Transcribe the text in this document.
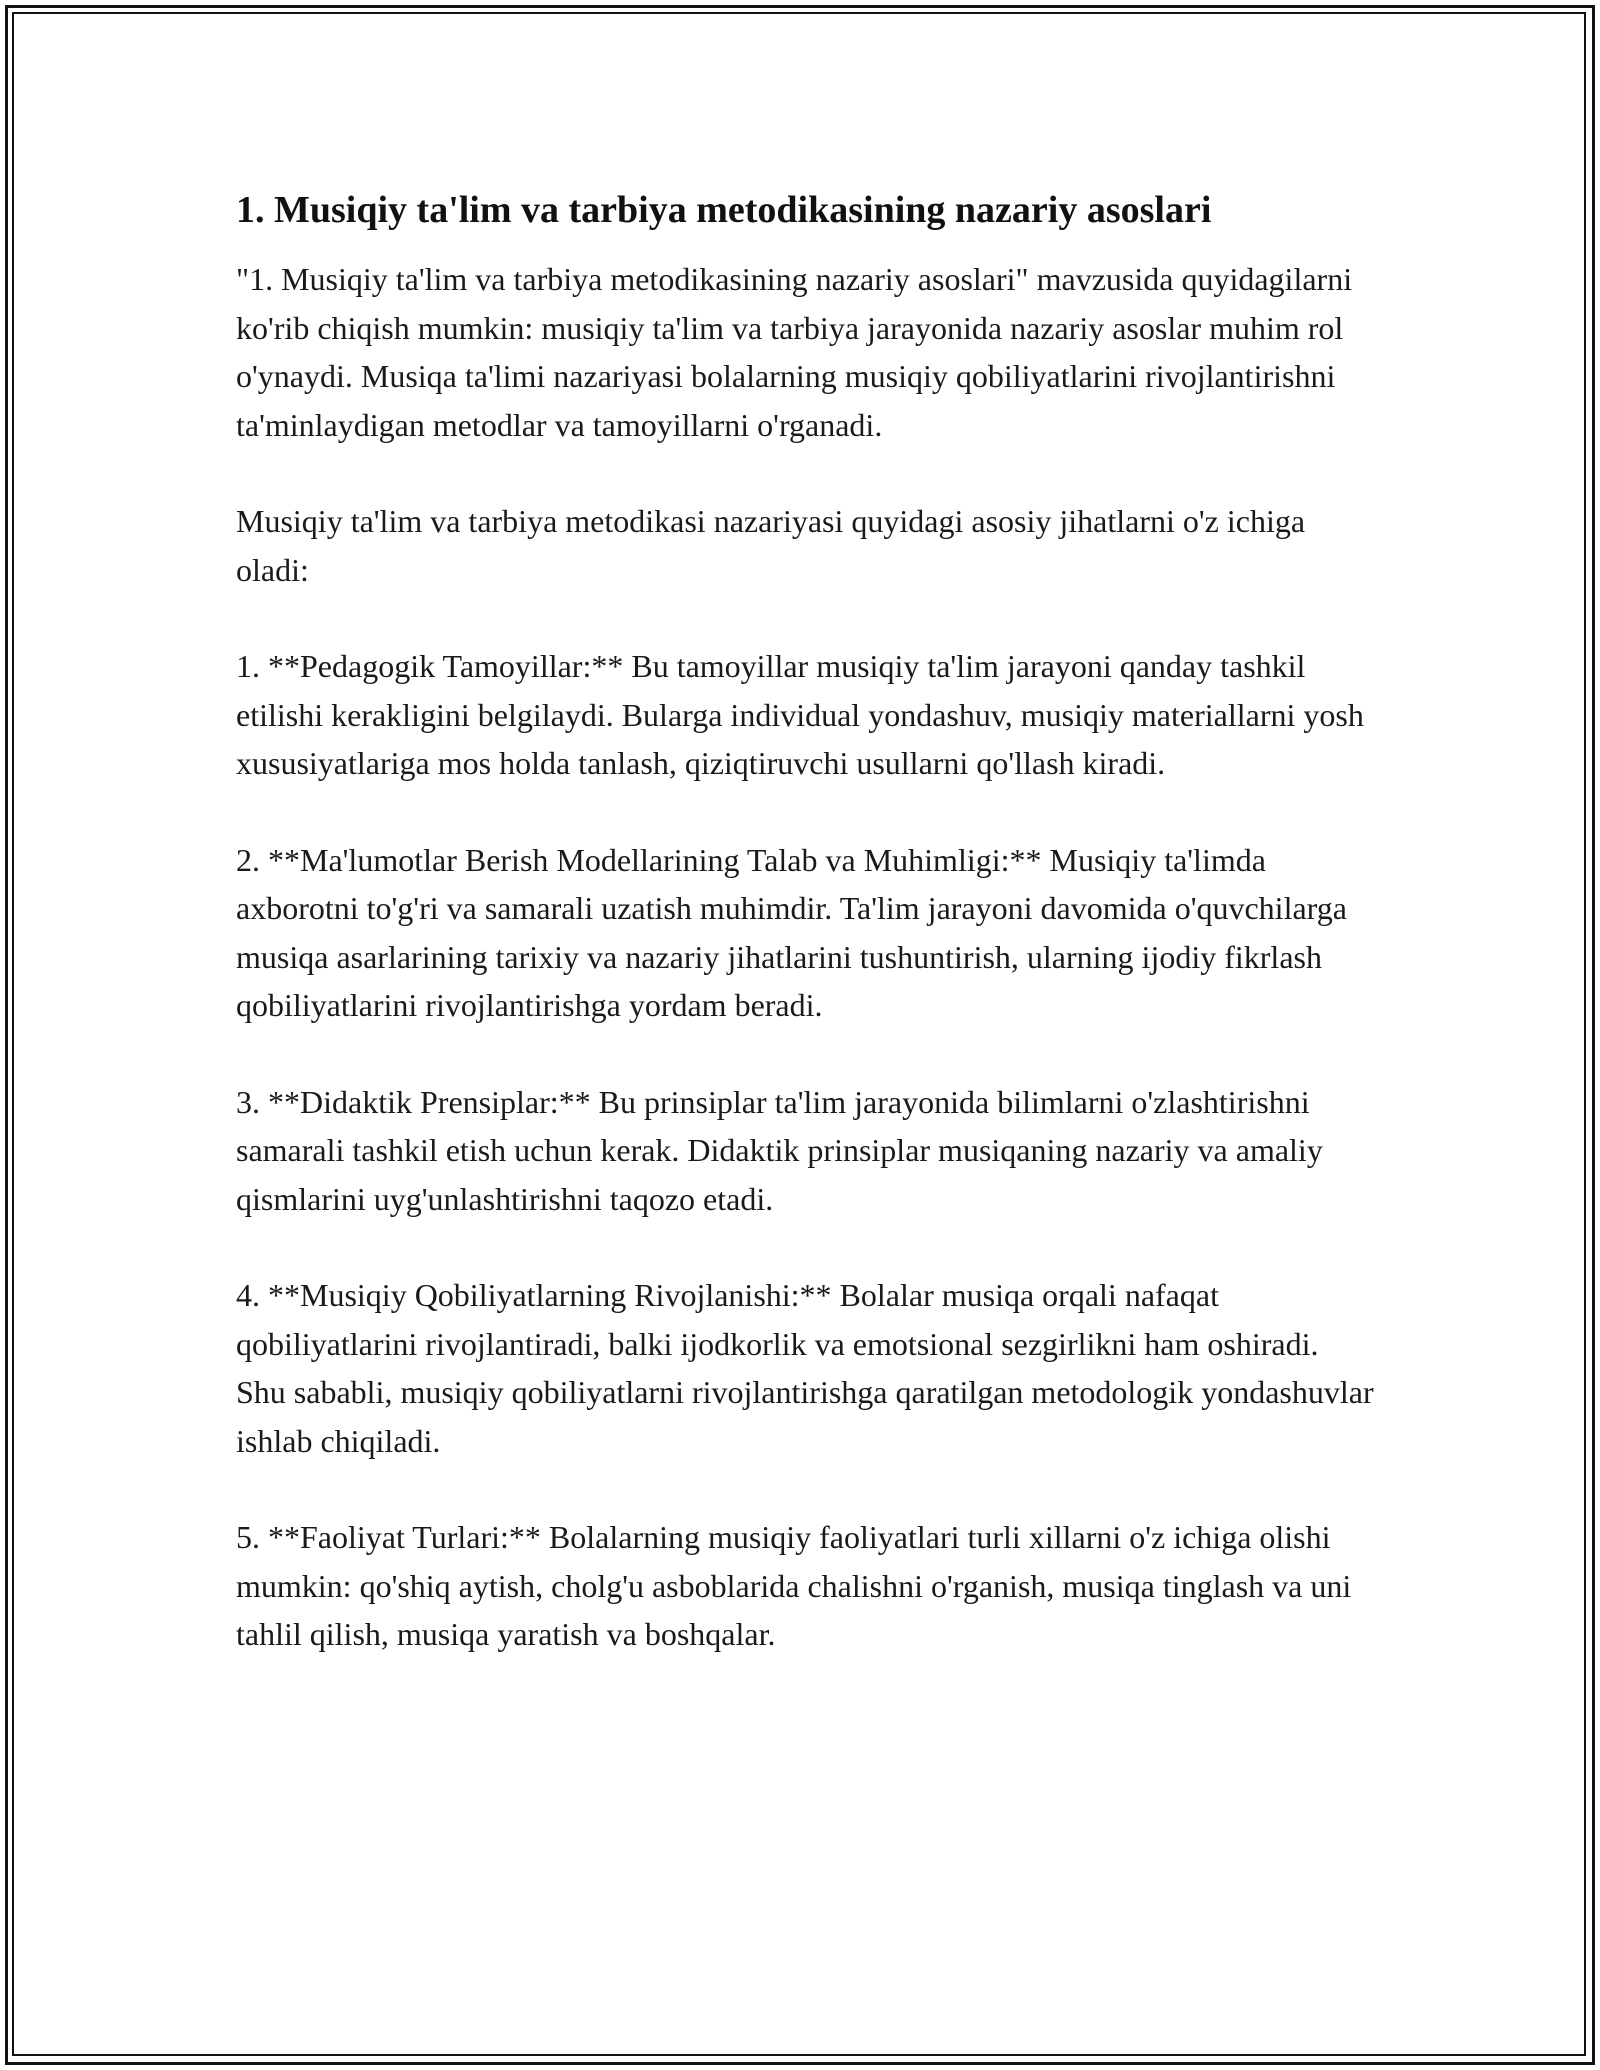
1. Musiqiy ta'lim va tarbiya metodikasining nazariy asoslari

"1. Musiqiy ta'lim va tarbiya metodikasining nazariy asoslari" mavzusida quyidagilarni ko'rib chiqish mumkin: musiqiy ta'lim va tarbiya jarayonida nazariy asoslar muhim rol o'ynaydi. Musiqa ta'limi nazariyasi bolalarning musiqiy qobiliyatlarini rivojlantirishni ta'minlaydigan metodlar va tamoyillarni o'rganadi.

Musiqiy ta'lim va tarbiya metodikasi nazariyasi quyidagi asosiy jihatlarni o'z ichiga oladi:

1. **Pedagogik Tamoyillar:** Bu tamoyillar musiqiy ta'lim jarayoni qanday tashkil etilishi kerakligini belgilaydi. Bularga individual yondashuv, musiqiy materiallarni yosh xususiyatlariga mos holda tanlash, qiziqtiruvchi usullarni qo'llash kiradi.

2. **Ma'lumotlar Berish Modellarining Talab va Muhimligi:** Musiqiy ta'limda axborotni to'g'ri va samarali uzatish muhimdir. Ta'lim jarayoni davomida o'quvchilarga musiqa asarlarining tarixiy va nazariy jihatlarini tushuntirish, ularning ijodiy fikrlash qobiliyatlarini rivojlantirishga yordam beradi.

3. **Didaktik Prensiplar:** Bu prinsiplar ta'lim jarayonida bilimlarni o'zlashtirishni samarali tashkil etish uchun kerak. Didaktik prinsiplar musiqaning nazariy va amaliy qismlarini uyg'unlashtirishni taqozo etadi.

4. **Musiqiy Qobiliyatlarning Rivojlanishi:** Bolalar musiqa orqali nafaqat qobiliyatlarini rivojlantiradi, balki ijodkorlik va emotsional sezgirlikni ham oshiradi. Shu sababli, musiqiy qobiliyatlarni rivojlantirishga qaratilgan metodologik yondashuvlar ishlab chiqiladi.

5. **Faoliyat Turlari:** Bolalarning musiqiy faoliyatlari turli xillarni o'z ichiga olishi mumkin: qo'shiq aytish, cholg'u asboblarida chalishni o'rganish, musiqa tinglash va uni tahlil qilish, musiqa yaratish va boshqalar.
